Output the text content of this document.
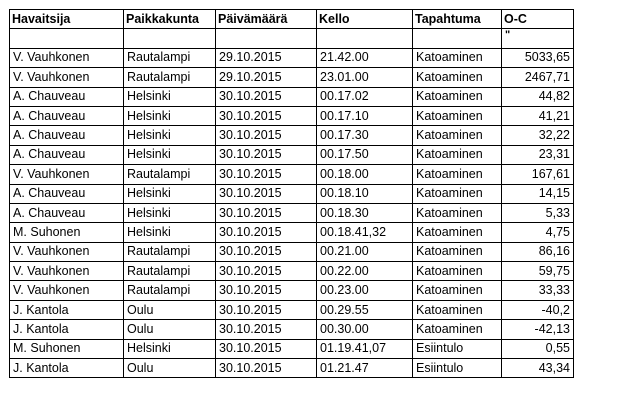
Havaitsija	Paikkakunta	Päivämäärä	Kello	Tapahtuma	O-C
					"
V. Vauhkonen	Rautalampi	29.10.2015	21.42.00	Katoaminen	5033,65
V. Vauhkonen	Rautalampi	29.10.2015	23.01.00	Katoaminen	2467,71
A. Chauveau	Helsinki	30.10.2015	00.17.02	Katoaminen	44,82
A. Chauveau	Helsinki	30.10.2015	00.17.10	Katoaminen	41,21
A. Chauveau	Helsinki	30.10.2015	00.17.30	Katoaminen	32,22
A. Chauveau	Helsinki	30.10.2015	00.17.50	Katoaminen	23,31
V. Vauhkonen	Rautalampi	30.10.2015	00.18.00	Katoaminen	167,61
A. Chauveau	Helsinki	30.10.2015	00.18.10	Katoaminen	14,15
A. Chauveau	Helsinki	30.10.2015	00.18.30	Katoaminen	5,33
M. Suhonen	Helsinki	30.10.2015	00.18.41,32	Katoaminen	4,75
V. Vauhkonen	Rautalampi	30.10.2015	00.21.00	Katoaminen	86,16
V. Vauhkonen	Rautalampi	30.10.2015	00.22.00	Katoaminen	59,75
V. Vauhkonen	Rautalampi	30.10.2015	00.23.00	Katoaminen	33,33
J. Kantola	Oulu	30.10.2015	00.29.55	Katoaminen	-40,2
J. Kantola	Oulu	30.10.2015	00.30.00	Katoaminen	-42,13
M. Suhonen	Helsinki	30.10.2015	01.19.41,07	Esiintulo	0,55
J. Kantola	Oulu	30.10.2015	01.21.47	Esiintulo	43,34
